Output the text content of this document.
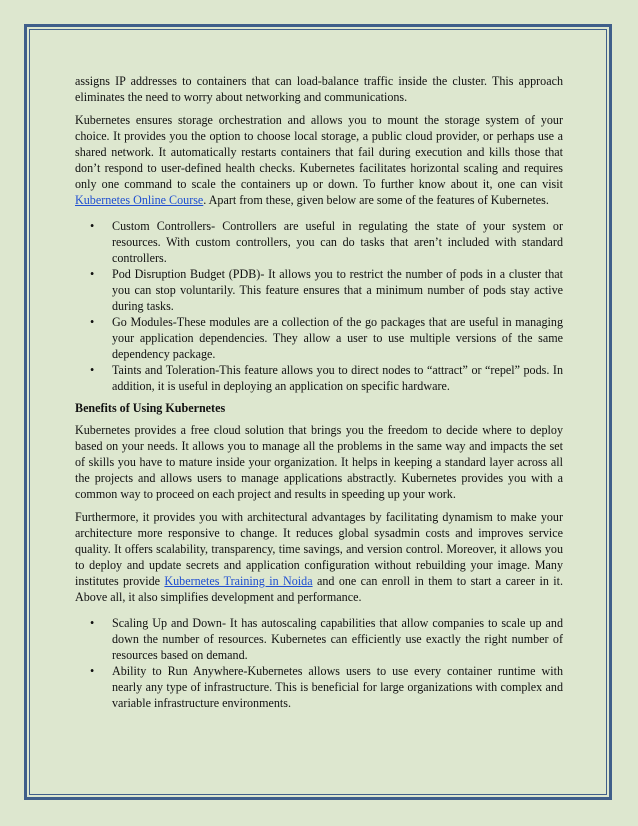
assigns IP addresses to containers that can load-balance traffic inside the cluster. This approach eliminates the need to worry about networking and communications.

Kubernetes ensures storage orchestration and allows you to mount the storage system of your choice. It provides you the option to choose local storage, a public cloud provider, or perhaps use a shared network. It automatically restarts containers that fail during execution and kills those that don’t respond to user-defined health checks. Kubernetes facilitates horizontal scaling and requires only one command to scale the containers up or down. To further know about it, one can visit Kubernetes Online Course. Apart from these, given below are some of the features of Kubernetes.

• Custom Controllers- Controllers are useful in regulating the state of your system or resources. With custom controllers, you can do tasks that aren’t included with standard controllers.
• Pod Disruption Budget (PDB)- It allows you to restrict the number of pods in a cluster that you can stop voluntarily. This feature ensures that a minimum number of pods stay active during tasks.
• Go Modules-These modules are a collection of the go packages that are useful in managing your application dependencies. They allow a user to use multiple versions of the same dependency package.
• Taints and Toleration-This feature allows you to direct nodes to “attract” or “repel” pods. In addition, it is useful in deploying an application on specific hardware.
Benefits of Using Kubernetes

Kubernetes provides a free cloud solution that brings you the freedom to decide where to deploy based on your needs. It allows you to manage all the problems in the same way and impacts the set of skills you have to mature inside your organization. It helps in keeping a standard layer across all the projects and allows users to manage applications abstractly. Kubernetes provides you with a common way to proceed on each project and results in speeding up your work.

Furthermore, it provides you with architectural advantages by facilitating dynamism to make your architecture more responsive to change. It reduces global sysadmin costs and improves service quality. It offers scalability, transparency, time savings, and version control. Moreover, it allows you to deploy and update secrets and application configuration without rebuilding your image. Many institutes provide Kubernetes Training in Noida and one can enroll in them to start a career in it. Above all, it also simplifies development and performance.

• Scaling Up and Down- It has autoscaling capabilities that allow companies to scale up and down the number of resources. Kubernetes can efficiently use exactly the right number of resources based on demand.
• Ability to Run Anywhere-Kubernetes allows users to use every container runtime with nearly any type of infrastructure. This is beneficial for large organizations with complex and variable infrastructure environments.
